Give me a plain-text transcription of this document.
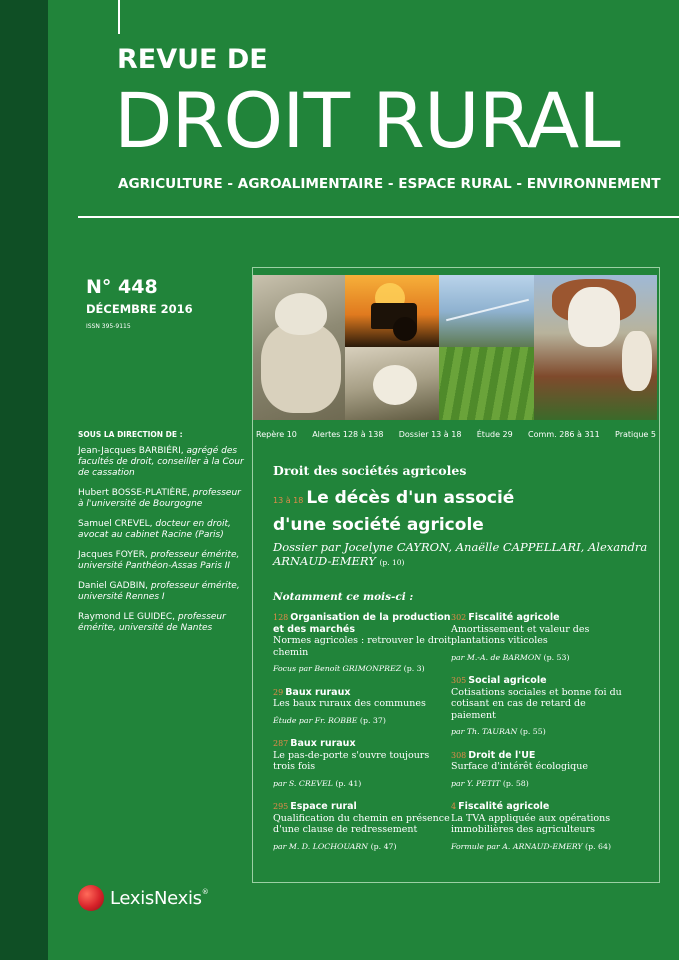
REVUE DE
DROIT RURAL
AGRICULTURE - AGROALIMENTAIRE - ESPACE RURAL - ENVIRONNEMENT
N° 448
DÉCEMBRE 2016
ISSN 395-9115
SOUS LA DIRECTION DE :
Jean-Jacques BARBIÉRI, agrégé des facultés de droit, conseiller à la Cour de cassation
Hubert BOSSE-PLATIÈRE, professeur à l'université de Bourgogne
Samuel CREVEL, docteur en droit, avocat au cabinet Racine (Paris)
Jacques FOYER, professeur émérite, université Panthéon-Assas Paris II
Daniel GADBIN, professeur émérite, université Rennes I
Raymond LE GUIDEC, professeur émérite, université de Nantes
Repère 10 Alertes 128 à 138 Dossier 13 à 18 Étude 29 Comm. 286 à 311 Pratique 5
Droit des sociétés agricoles
13 à 18 Le décès d'un associé
d'une société agricole
Dossier par Jocelyne CAYRON, Anaëlle CAPPELLARI, Alexandra ARNAUD-EMERY (p. 10)
Notamment ce mois-ci :
128 Organisation de la production et des marchés
Normes agricoles : retrouver le droit chemin
Focus par Benoît GRIMONPREZ (p. 3)
29 Baux ruraux
Les baux ruraux des communes
Étude par Fr. ROBBE (p. 37)
287 Baux ruraux
Le pas-de-porte s'ouvre toujours trois fois
par S. CREVEL (p. 41)
295 Espace rural
Qualification du chemin en présence d'une clause de redressement
par M. D. LOCHOUARN (p. 47)
302 Fiscalité agricole
Amortissement et valeur des plantations viticoles
par M.-A. de BARMON (p. 53)
305 Social agricole
Cotisations sociales et bonne foi du cotisant en cas de retard de paiement
par Th. TAURAN (p. 55)
308 Droit de l'UE
Surface d'intérêt écologique
par Y. PETIT (p. 58)
4 Fiscalité agricole
La TVA appliquée aux opérations immobilières des agriculteurs
Formule par A. ARNAUD-EMERY (p. 64)
LexisNexis®
